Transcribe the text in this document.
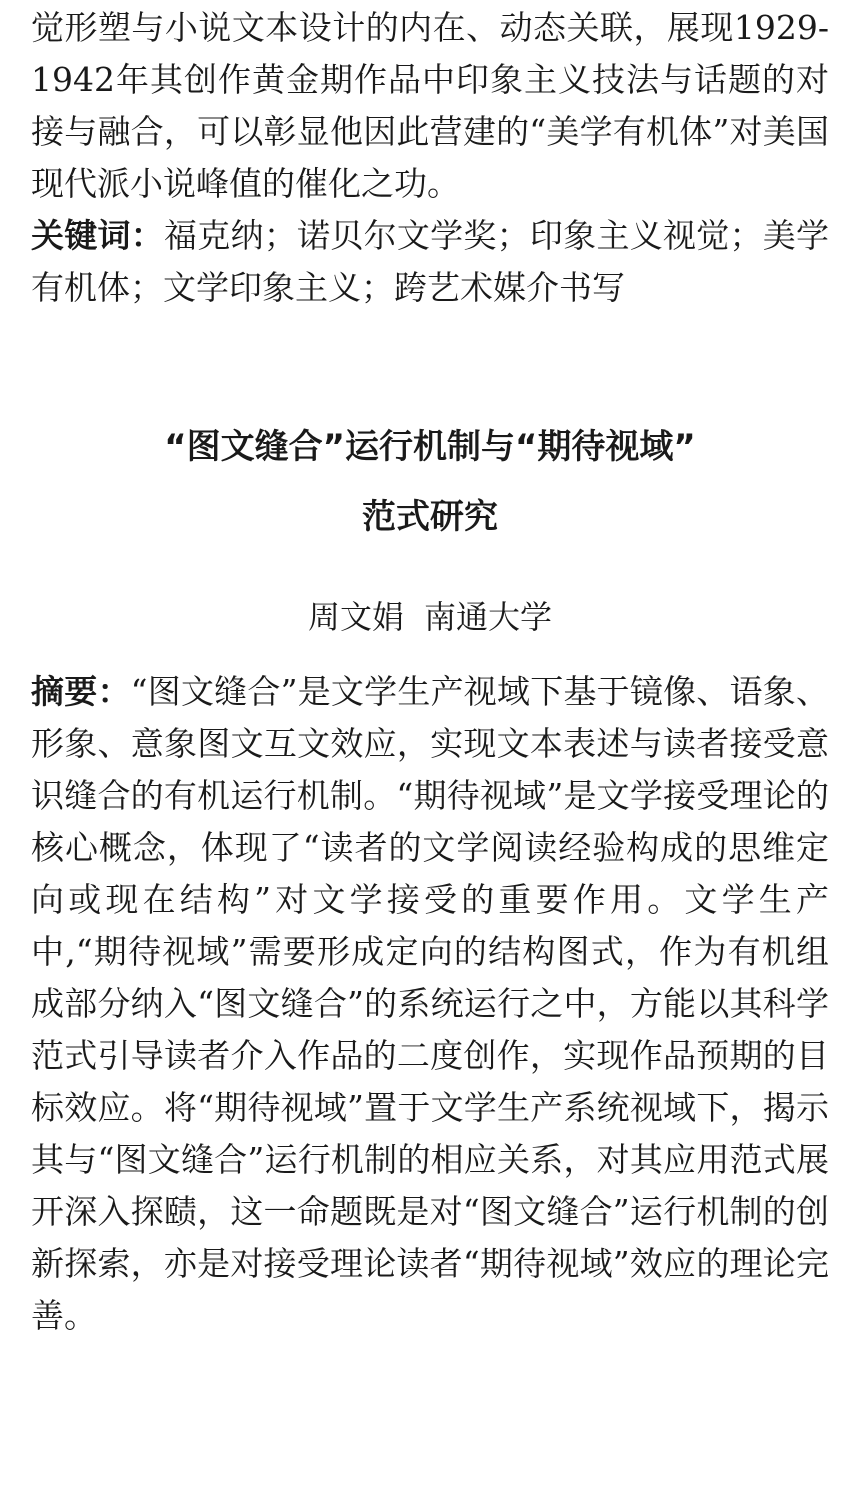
觉形塑与小说文本设计的内在、动态关联，展现1929-1942年其创作黄金期作品中印象主义技法与话题的对接与融合，可以彰显他因此营建的“美学有机体”对美国现代派小说峰值的催化之功。

关键词：福克纳；诺贝尔文学奖；印象主义视觉；美学有机体；文学印象主义；跨艺术媒介书写

“图文缝合”运行机制与“期待视域”

范式研究

周文娟 南通大学

摘要：“图文缝合”是文学生产视域下基于镜像、语象、形象、意象图文互文效应，实现文本表述与读者接受意识缝合的有机运行机制。“期待视域”是文学接受理论的核心概念，体现了“读者的文学阅读经验构成的思维定向或现在结构”对文学接受的重要作用。文学生产中,“期待视域”需要形成定向的结构图式，作为有机组成部分纳入“图文缝合”的系统运行之中，方能以其科学范式引导读者介入作品的二度创作，实现作品预期的目标效应。将“期待视域”置于文学生产系统视域下，揭示其与“图文缝合”运行机制的相应关系，对其应用范式展开深入探赜，这一命题既是对“图文缝合”运行机制的创新探索，亦是对接受理论读者“期待视域”效应的理论完善。
